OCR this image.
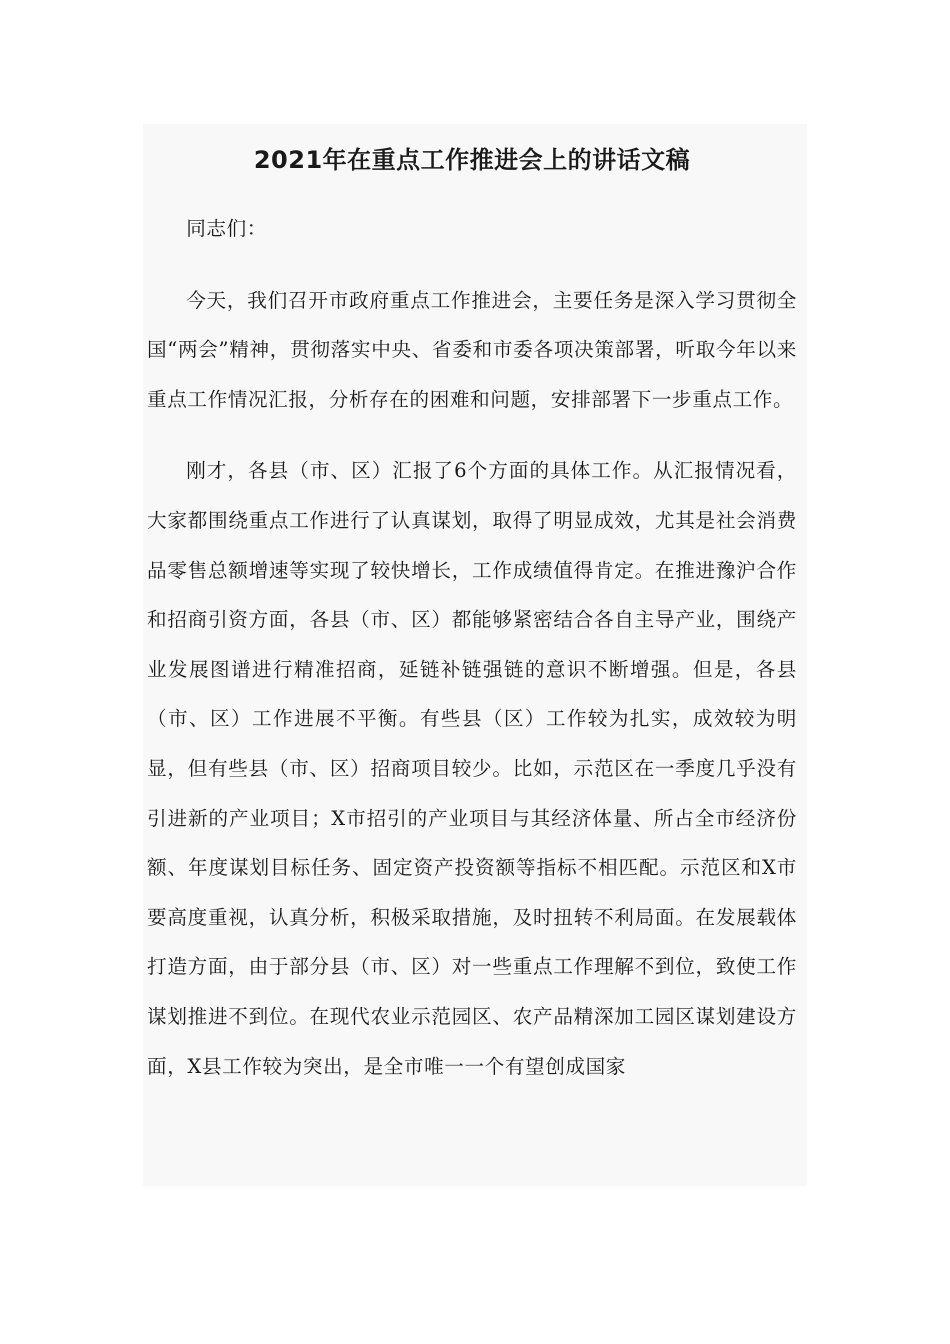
2021年在重点工作推进会上的讲话文稿

同志们：

今天，我们召开市政府重点工作推进会，主要任务是深入学习贯彻全国“两会”精神，贯彻落实中央、省委和市委各项决策部署，听取今年以来重点工作情况汇报，分析存在的困难和问题，安排部署下一步重点工作。

刚才，各县（市、区）汇报了6个方面的具体工作。从汇报情况看，大家都围绕重点工作进行了认真谋划，取得了明显成效，尤其是社会消费品零售总额增速等实现了较快增长，工作成绩值得肯定。在推进豫沪合作和招商引资方面，各县（市、区）都能够紧密结合各自主导产业，围绕产业发展图谱进行精准招商，延链补链强链的意识不断增强。但是，各县（市、区）工作进展不平衡。有些县（区）工作较为扎实，成效较为明显，但有些县（市、区）招商项目较少。比如，示范区在一季度几乎没有引进新的产业项目；X市招引的产业项目与其经济体量、所占全市经济份额、年度谋划目标任务、固定资产投资额等指标不相匹配。示范区和X市要高度重视，认真分析，积极采取措施，及时扭转不利局面。在发展载体打造方面，由于部分县（市、区）对一些重点工作理解不到位，致使工作谋划推进不到位。在现代农业示范园区、农产品精深加工园区谋划建设方面，X县工作较为突出，是全市唯一一个有望创成国家
